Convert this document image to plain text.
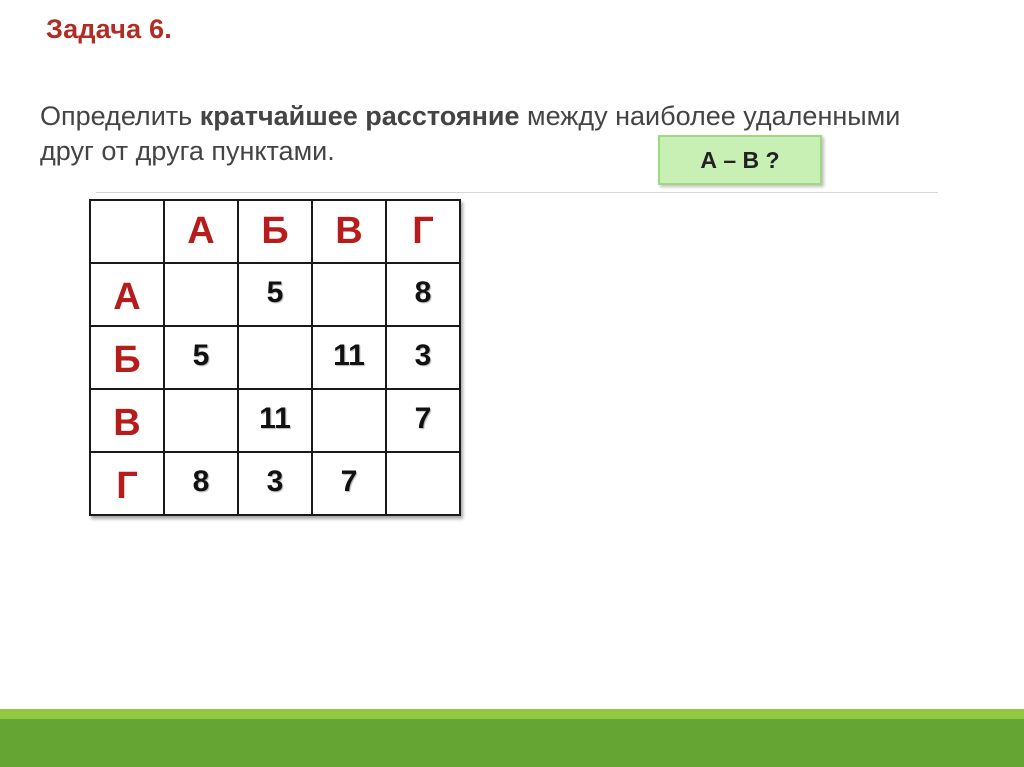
Задача 6.

Определить кратчайшее расстояние между наиболее удаленными
друг от друга пунктами.	А – В ?
	А	Б	В	Г
А		5		8
Б	5		11	3
В		11		7
Г	8	3	7	
